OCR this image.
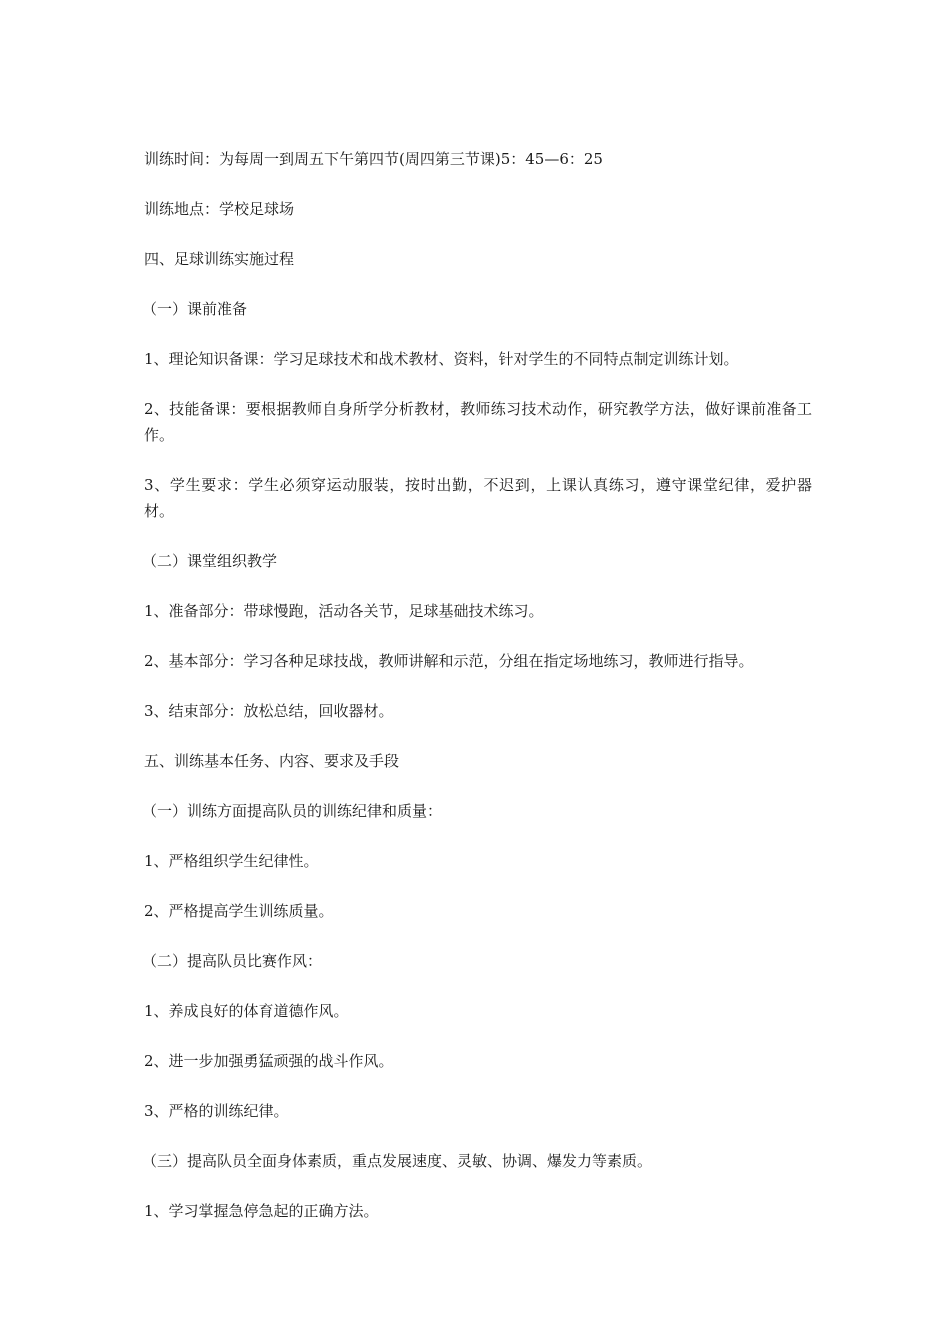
训练时间：为每周一到周五下午第四节(周四第三节课)5：45—6：25

训练地点：学校足球场

四、足球训练实施过程

（一）课前准备

1、理论知识备课：学习足球技术和战术教材、资料，针对学生的不同特点制定训练计划。

2、技能备课：要根据教师自身所学分析教材，教师练习技术动作，研究教学方法，做好课前准备工作。

3、学生要求：学生必须穿运动服装，按时出勤，不迟到，上课认真练习，遵守课堂纪律，爱护器材。

（二）课堂组织教学

1、准备部分：带球慢跑，活动各关节，足球基础技术练习。

2、基本部分：学习各种足球技战，教师讲解和示范，分组在指定场地练习，教师进行指导。

3、结束部分：放松总结，回收器材。

五、训练基本任务、内容、要求及手段

（一）训练方面提高队员的训练纪律和质量：

1、严格组织学生纪律性。

2、严格提高学生训练质量。

（二）提高队员比赛作风：

1、养成良好的体育道德作风。

2、进一步加强勇猛顽强的战斗作风。

3、严格的训练纪律。

（三）提高队员全面身体素质，重点发展速度、灵敏、协调、爆发力等素质。

1、学习掌握急停急起的正确方法。
